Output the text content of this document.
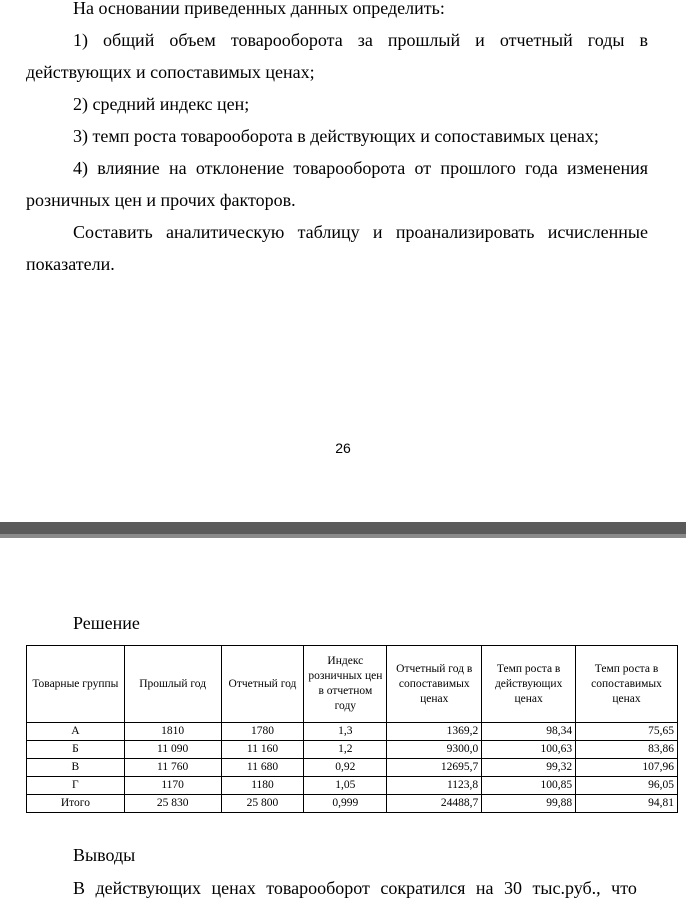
На основании приведенных данных определить:
1) общий объем товарооборота за прошлый и отчетный годы в действующих и сопоставимых ценах;
2) средний индекс цен;
3) темп роста товарооборота в действующих и сопоставимых ценах;
4) влияние на отклонение товарооборота от прошлого года изменения розничных цен и прочих факторов.
Составить аналитическую таблицу и проанализировать исчисленные показатели.
26
Решение
Товарные группы	Прошлый год	Отчетный год	Индекс розничных цен в отчетном году	Отчетный год в сопоставимых ценах	Темп роста в действующих ценах	Темп роста в сопоставимых ценах
А	1810	1780	1,3	1369,2	98,34	75,65
Б	11 090	11 160	1,2	9300,0	100,63	83,86
В	11 760	11 680	0,92	12695,7	99,32	107,96
Г	1170	1180	1,05	1123,8	100,85	96,05
Итого	25 830	25 800	0,999	24488,7	99,88	94,81
Выводы
В действующих ценах товарооборот сократился на 30 тыс.руб., что
